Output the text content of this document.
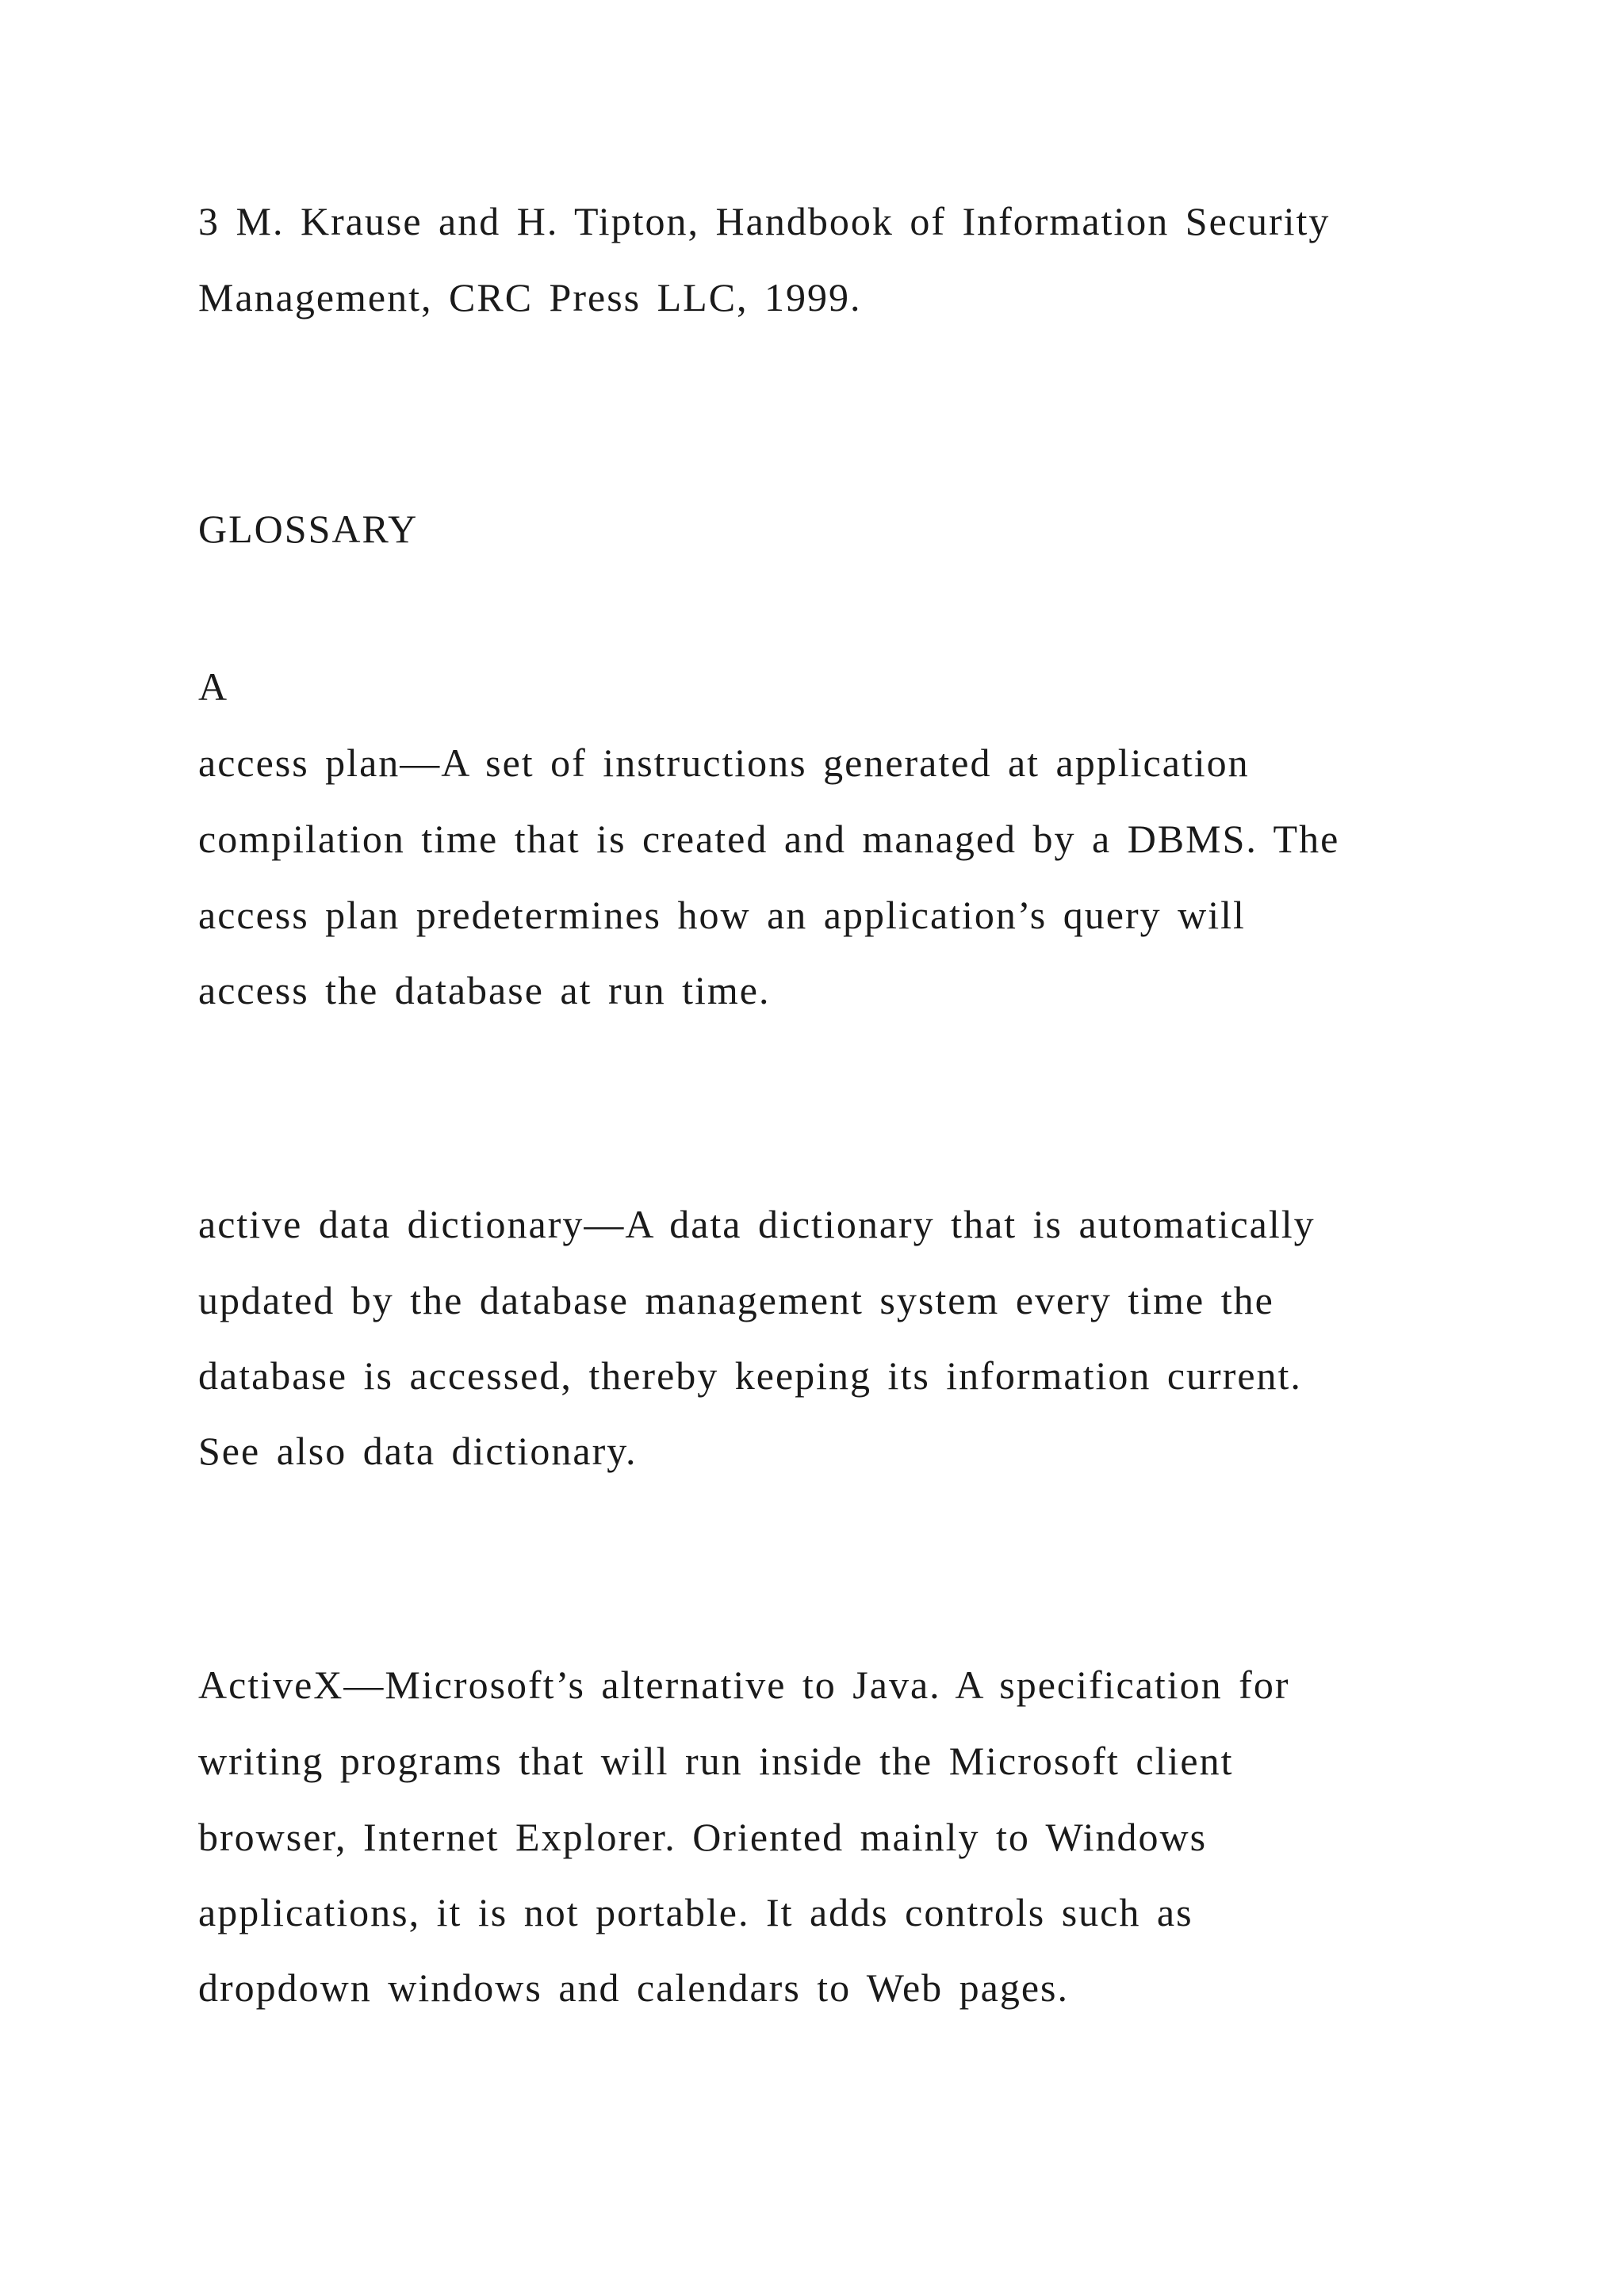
3 M. Krause and H. Tipton, Handbook of Information Security
Management, CRC Press LLC, 1999.
GLOSSARY
A
access plan—A set of instructions generated at application
compilation time that is created and managed by a DBMS. The
access plan predetermines how an application’s query will
access the database at run time.
active data dictionary—A data dictionary that is automatically
updated by the database management system every time the
database is accessed, thereby keeping its information current.
See also data dictionary.
ActiveX—Microsoft’s alternative to Java. A specification for
writing programs that will run inside the Microsoft client
browser, Internet Explorer. Oriented mainly to Windows
applications, it is not portable. It adds controls such as
dropdown windows and calendars to Web pages.
